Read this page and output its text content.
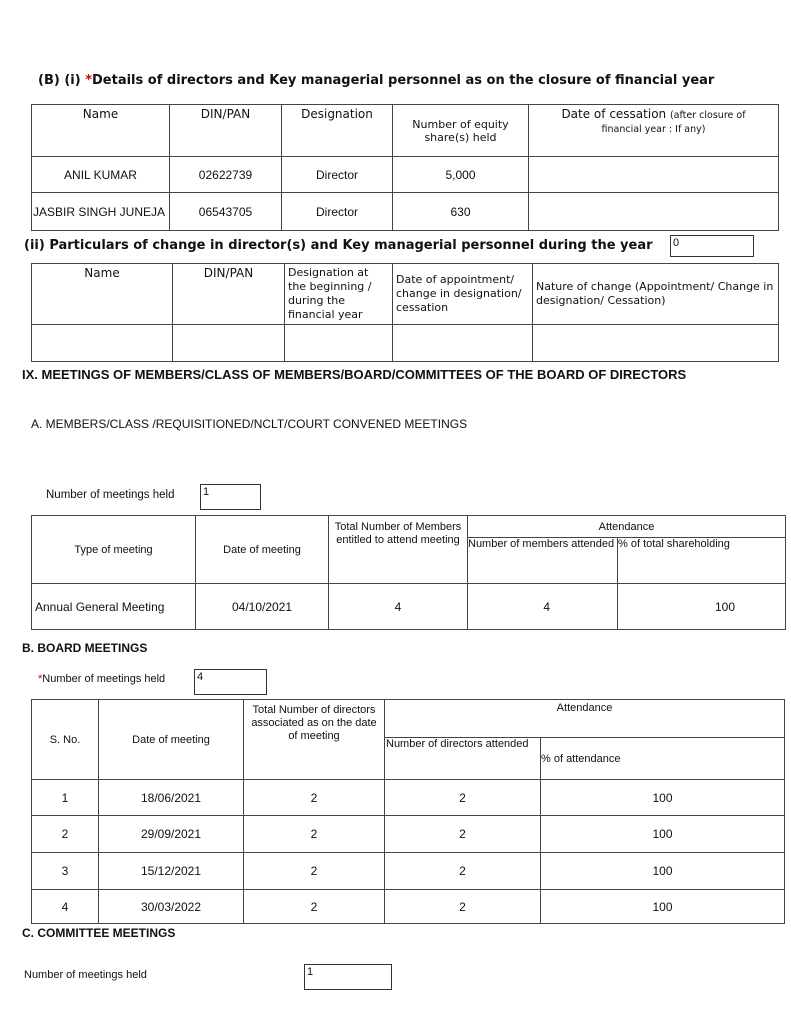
(B) (i) *Details of directors and Key managerial personnel as on the closure of financial year
Name	DIN/PAN	Designation	Number of equity share(s) held	Date of cessation (after closure of
financial year : If any)
ANIL KUMAR	02622739	Director	5,000	
JASBIR SINGH JUNEJA	06543705	Director	630	
(ii) Particulars of change in director(s) and Key managerial personnel during the year 0
Name	DIN/PAN	Designation at the beginning / during the financial year	Date of appointment/ change in designation/ cessation	Nature of change (Appointment/ Change in designation/ Cessation)

IX. MEETINGS OF MEMBERS/CLASS OF MEMBERS/BOARD/COMMITTEES OF THE BOARD OF DIRECTORS
A. MEMBERS/CLASS /REQUISITIONED/NCLT/COURT CONVENED MEETINGS
Number of meetings held	1
Type of meeting	Date of meeting	Total Number of Members entitled to attend meeting	Attendance	
			Number of members attended	% of total shareholding
Annual General Meeting	04/10/2021	4	4	100
B. BOARD MEETINGS
*Number of meetings held	4
S. No.	Date of meeting	Total Number of directors associated as on the date of meeting	Attendance	
			Number of directors attended	% of attendance
1	18/06/2021	2	2	100
2	29/09/2021	2	2	100
3	15/12/2021	2	2	100
4	30/03/2022	2	2	100
C. COMMITTEE MEETINGS
Number of meetings held	1
